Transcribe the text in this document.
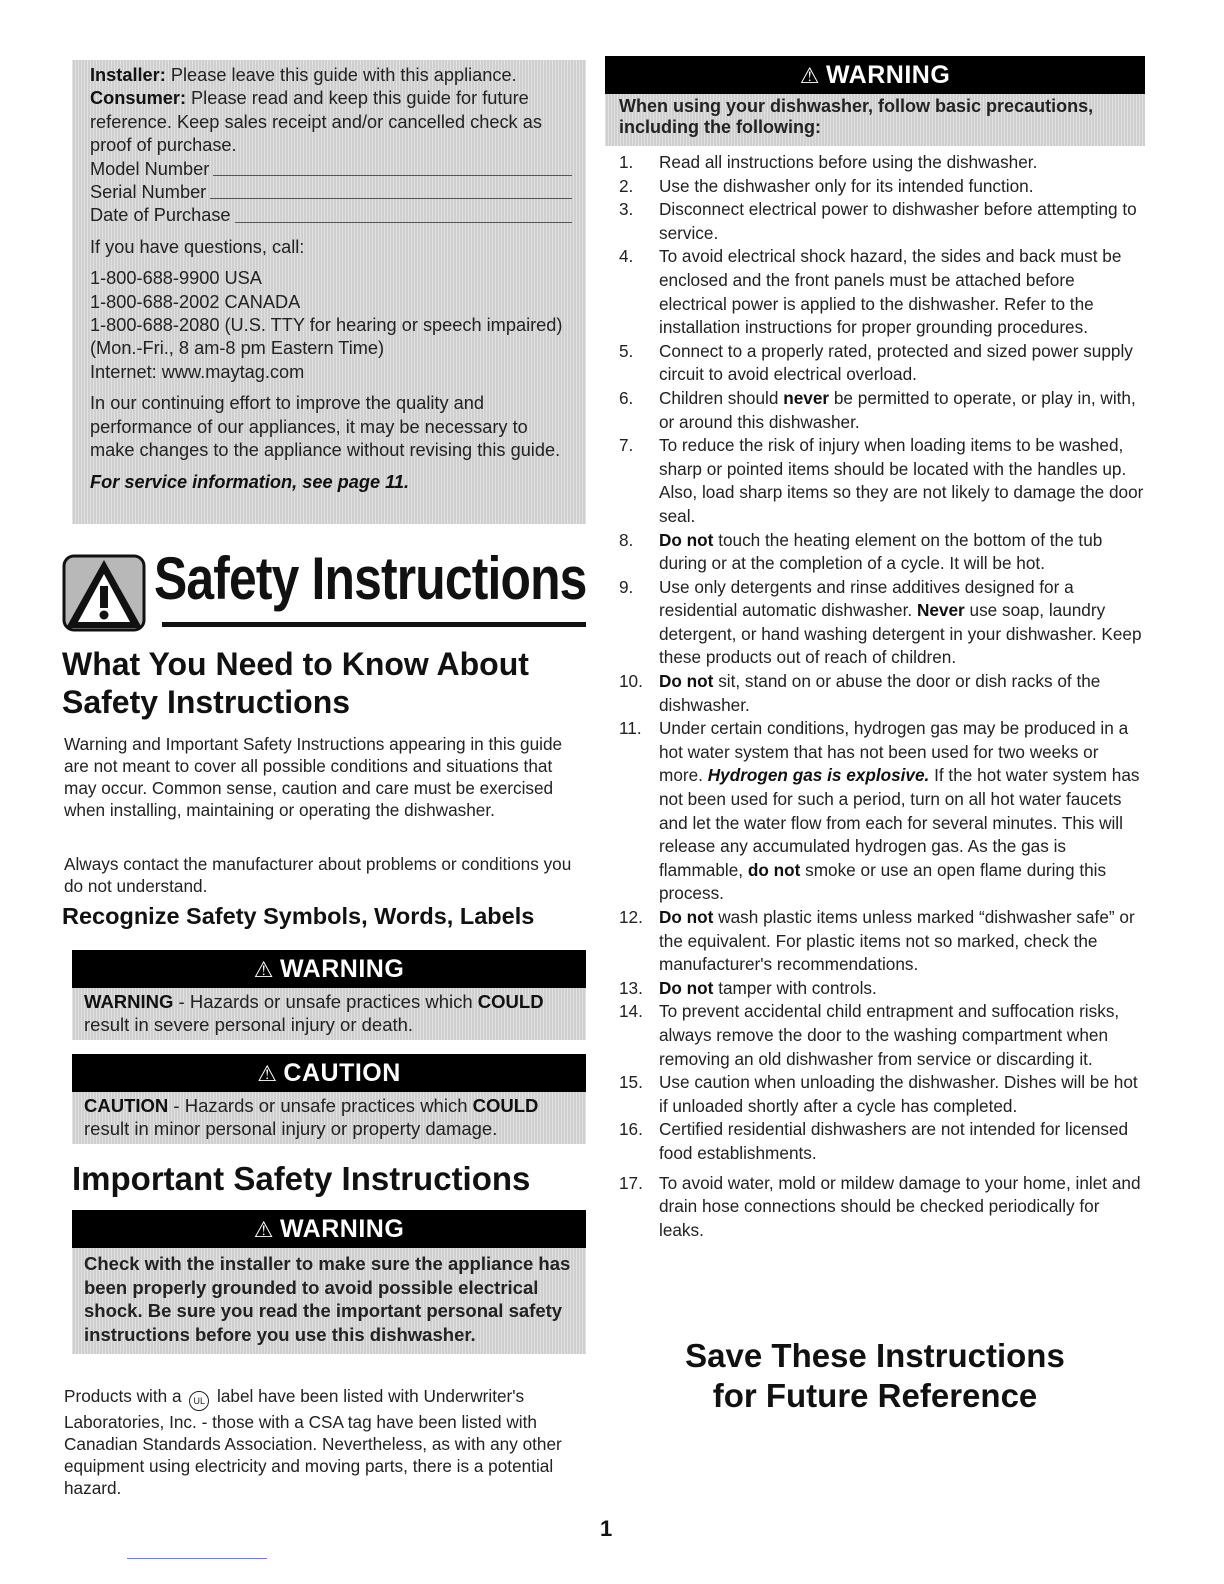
Installer: Please leave this guide with this appliance.

Consumer: Please read and keep this guide for future reference. Keep sales receipt and/or cancelled check as proof of purchase.

Model Number
Serial Number
Date of Purchase

If you have questions, call:

1-800-688-9900 USA

1-800-688-2002 CANADA

1-800-688-2080 (U.S. TTY for hearing or speech impaired) (Mon.-Fri., 8 am-8 pm Eastern Time)

Internet: www.maytag.com

In our continuing effort to improve the quality and performance of our appliances, it may be necessary to make changes to the appliance without revising this guide.

For service information, see page 11.

Safety Instructions
What You Need to Know About Safety Instructions

Warning and Important Safety Instructions appearing in this guide are not meant to cover all possible conditions and situations that may occur. Common sense, caution and care must be exercised when installing, maintaining or operating the dishwasher.

Always contact the manufacturer about problems or conditions you do not understand.

Recognize Safety Symbols, Words, Labels
⚠ WARNING
WARNING - Hazards or unsafe practices which COULD result in severe personal injury or death.
⚠ CAUTION
CAUTION - Hazards or unsafe practices which COULD result in minor personal injury or property damage.
Important Safety Instructions
⚠ WARNING
Check with the installer to make sure the appliance has been properly grounded to avoid possible electrical shock. Be sure you read the important personal safety instructions before you use this dishwasher.

Products with a UL label have been listed with Underwriter's Laboratories, Inc. - those with a CSA tag have been listed with Canadian Standards Association. Nevertheless, as with any other equipment using electricity and moving parts, there is a potential hazard.

⚠ WARNING
When using your dishwasher, follow basic precautions, including the following:
1.	Read all instructions before using the dishwasher.
2.	Use the dishwasher only for its intended function.
3.	Disconnect electrical power to dishwasher before attempting to service.
4.	To avoid electrical shock hazard, the sides and back must be enclosed and the front panels must be attached before electrical power is applied to the dishwasher. Refer to the installation instructions for proper grounding procedures.
5.	Connect to a properly rated, protected and sized power supply circuit to avoid electrical overload.
6.	Children should never be permitted to operate, or play in, with, or around this dishwasher.
7.	To reduce the risk of injury when loading items to be washed, sharp or pointed items should be located with the handles up. Also, load sharp items so they are not likely to damage the door seal.
8.	Do not touch the heating element on the bottom of the tub during or at the completion of a cycle. It will be hot.
9.	Use only detergents and rinse additives designed for a residential automatic dishwasher. Never use soap, laundry detergent, or hand washing detergent in your dishwasher. Keep these products out of reach of children.
10. Do not sit, stand on or abuse the door or dish racks of the dishwasher.
11.	Under certain conditions, hydrogen gas may be produced in a hot water system that has not been used for two weeks or more. Hydrogen gas is explosive. If the hot water system has not been used for such a period, turn on all hot water faucets and let the water flow from each for several minutes. This will release any accumulated hydrogen gas. As the gas is flammable, do not smoke or use an open flame during this process.
12. Do not wash plastic items unless marked “dishwasher safe” or the equivalent. For plastic items not so marked, check the manufacturer's recommendations.
13. Do not tamper with controls.
14. To prevent accidental child entrapment and suffocation risks, always remove the door to the washing compartment when removing an old dishwasher from service or discarding it.
15. Use caution when unloading the dishwasher. Dishes will be hot if unloaded shortly after a cycle has completed.
16. Certified residential dishwashers are not intended for licensed food establishments.
17. To avoid water, mold or mildew damage to your home, inlet and drain hose connections should be checked periodically for leaks.
Save These Instructions
for Future Reference
1
